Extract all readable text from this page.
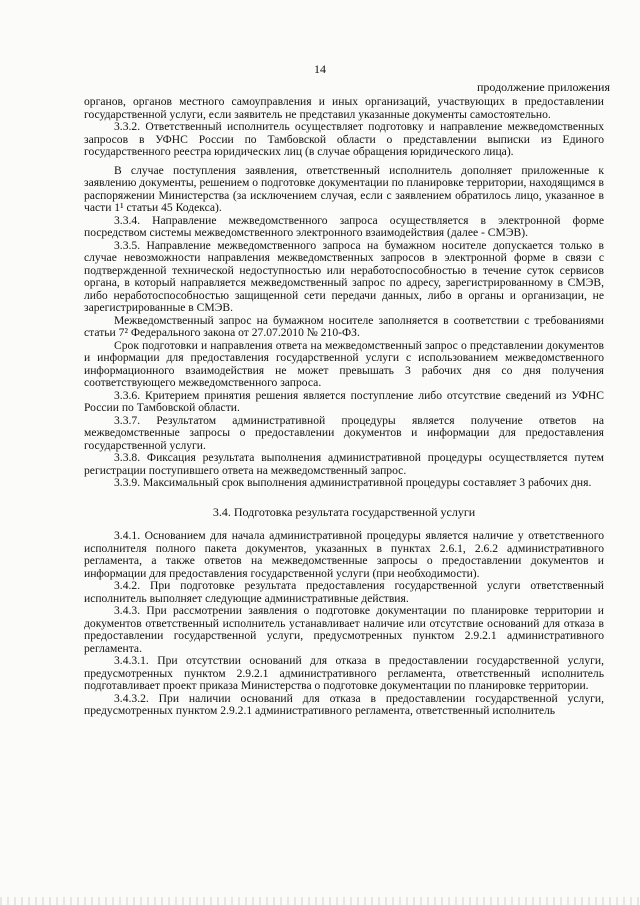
14
продолжение приложения

органов, органов местного самоуправления и иных организаций, участвующих в предоставлении государственной услуги, если заявитель не представил указанные документы самостоятельно.

3.3.2. Ответственный исполнитель осуществляет подготовку и направление межведомственных запросов в УФНС России по Тамбовской области о представлении выписки из Единого государственного реестра юридических лиц (в случае обращения юридического лица).

В случае поступления заявления, ответственный исполнитель дополняет приложенные к заявлению документы, решением о подготовке документации по планировке территории, находящимся в распоряжении Министерства (за исключением случая, если с заявлением обратилось лицо, указанное в части 1¹ статьи 45 Кодекса).

3.3.4. Направление межведомственного запроса осуществляется в электронной форме посредством системы межведомственного электронного взаимодействия (далее - СМЭВ).

3.3.5. Направление межведомственного запроса на бумажном носителе допускается только в случае невозможности направления межведомственных запросов в электронной форме в связи с подтвержденной технической недоступностью или неработоспособностью в течение суток сервисов органа, в который направляется межведомственный запрос по адресу, зарегистрированному в СМЭВ, либо неработоспособностью защищенной сети передачи данных, либо в органы и организации, не зарегистрированные в СМЭВ.

Межведомственный запрос на бумажном носителе заполняется в соответствии с требованиями статьи 7² Федерального закона от 27.07.2010 № 210-ФЗ.

Срок подготовки и направления ответа на межведомственный запрос о представлении документов и информации для предоставления государственной услуги с использованием межведомственного информационного взаимодействия не может превышать 3 рабочих дня со дня получения соответствующего межведомственного запроса.

3.3.6. Критерием принятия решения является поступление либо отсутствие сведений из УФНС России по Тамбовской области.

3.3.7. Результатом административной процедуры является получение ответов на межведомственные запросы о предоставлении документов и информации для предоставления государственной услуги.

3.3.8. Фиксация результата выполнения административной процедуры осуществляется путем регистрации поступившего ответа на межведомственный запрос.

3.3.9. Максимальный срок выполнения административной процедуры составляет 3 рабочих дня.

3.4. Подготовка результата государственной услуги

3.4.1. Основанием для начала административной процедуры является наличие у ответственного исполнителя полного пакета документов, указанных в пунктах 2.6.1, 2.6.2 административного регламента, а также ответов на межведомственные запросы о предоставлении документов и информации для предоставления государственной услуги (при необходимости).

3.4.2. При подготовке результата предоставления государственной услуги ответственный исполнитель выполняет следующие административные действия.

3.4.3. При рассмотрении заявления о подготовке документации по планировке территории и документов ответственный исполнитель устанавливает наличие или отсутствие оснований для отказа в предоставлении государственной услуги, предусмотренных пунктом 2.9.2.1 административного регламента.

3.4.3.1. При отсутствии оснований для отказа в предоставлении государственной услуги, предусмотренных пунктом 2.9.2.1 административного регламента, ответственный исполнитель подготавливает проект приказа Министерства о подготовке документации по планировке территории.

3.4.3.2. При наличии оснований для отказа в предоставлении государственной услуги, предусмотренных пунктом 2.9.2.1 административного регламента, ответственный исполнитель
